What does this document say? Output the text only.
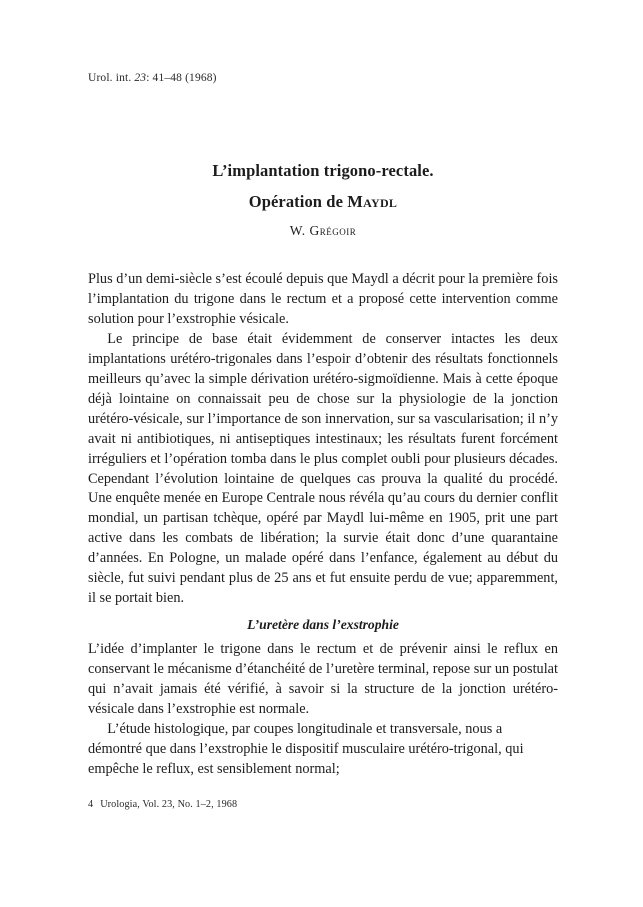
Urol. int. 23: 41–48 (1968)
L’implantation trigono-rectale.
Opération de Maydl
W. Grégoir

Plus d’un demi-siècle s’est écoulé depuis que Maydl a décrit pour la première fois l’implantation du trigone dans le rectum et a proposé cette intervention comme solution pour l’exstrophie vésicale.

Le principe de base était évidemment de conserver intactes les deux implantations urétéro-trigonales dans l’espoir d’obtenir des résultats fonctionnels meilleurs qu’avec la simple dérivation urétéro-sigmoïdienne. Mais à cette époque déjà lointaine on connaissait peu de chose sur la physiologie de la jonction urétéro-vésicale, sur l’importance de son innervation, sur sa vascularisation; il n’y avait ni antibiotiques, ni antiseptiques intestinaux; les résultats furent forcément irréguliers et l’opération tomba dans le plus complet oubli pour plusieurs décades. Cependant l’évolution lointaine de quelques cas prouva la qualité du procédé. Une enquête menée en Europe Centrale nous révéla qu’au cours du dernier conflit mondial, un partisan tchèque, opéré par Maydl lui-même en 1905, prit une part active dans les combats de libération; la survie était donc d’une quarantaine d’années. En Pologne, un malade opéré dans l’enfance, également au début du siècle, fut suivi pendant plus de 25 ans et fut ensuite perdu de vue; apparemment, il se portait bien.

L’uretère dans l’exstrophie

L’idée d’implanter le trigone dans le rectum et de prévenir ainsi le reflux en conservant le mécanisme d’étanchéité de l’uretère terminal, repose sur un postulat qui n’avait jamais été vérifié, à savoir si la structure de la jonction urétéro-vésicale dans l’exstrophie est normale.

L’étude histologique, par coupes longitudinale et transversale, nous a démontré que dans l’exstrophie le dispositif musculaire urétéro-trigonal, qui empêche le reflux, est sensiblement normal;

4 Urologia, Vol. 23, No. 1–2, 1968
